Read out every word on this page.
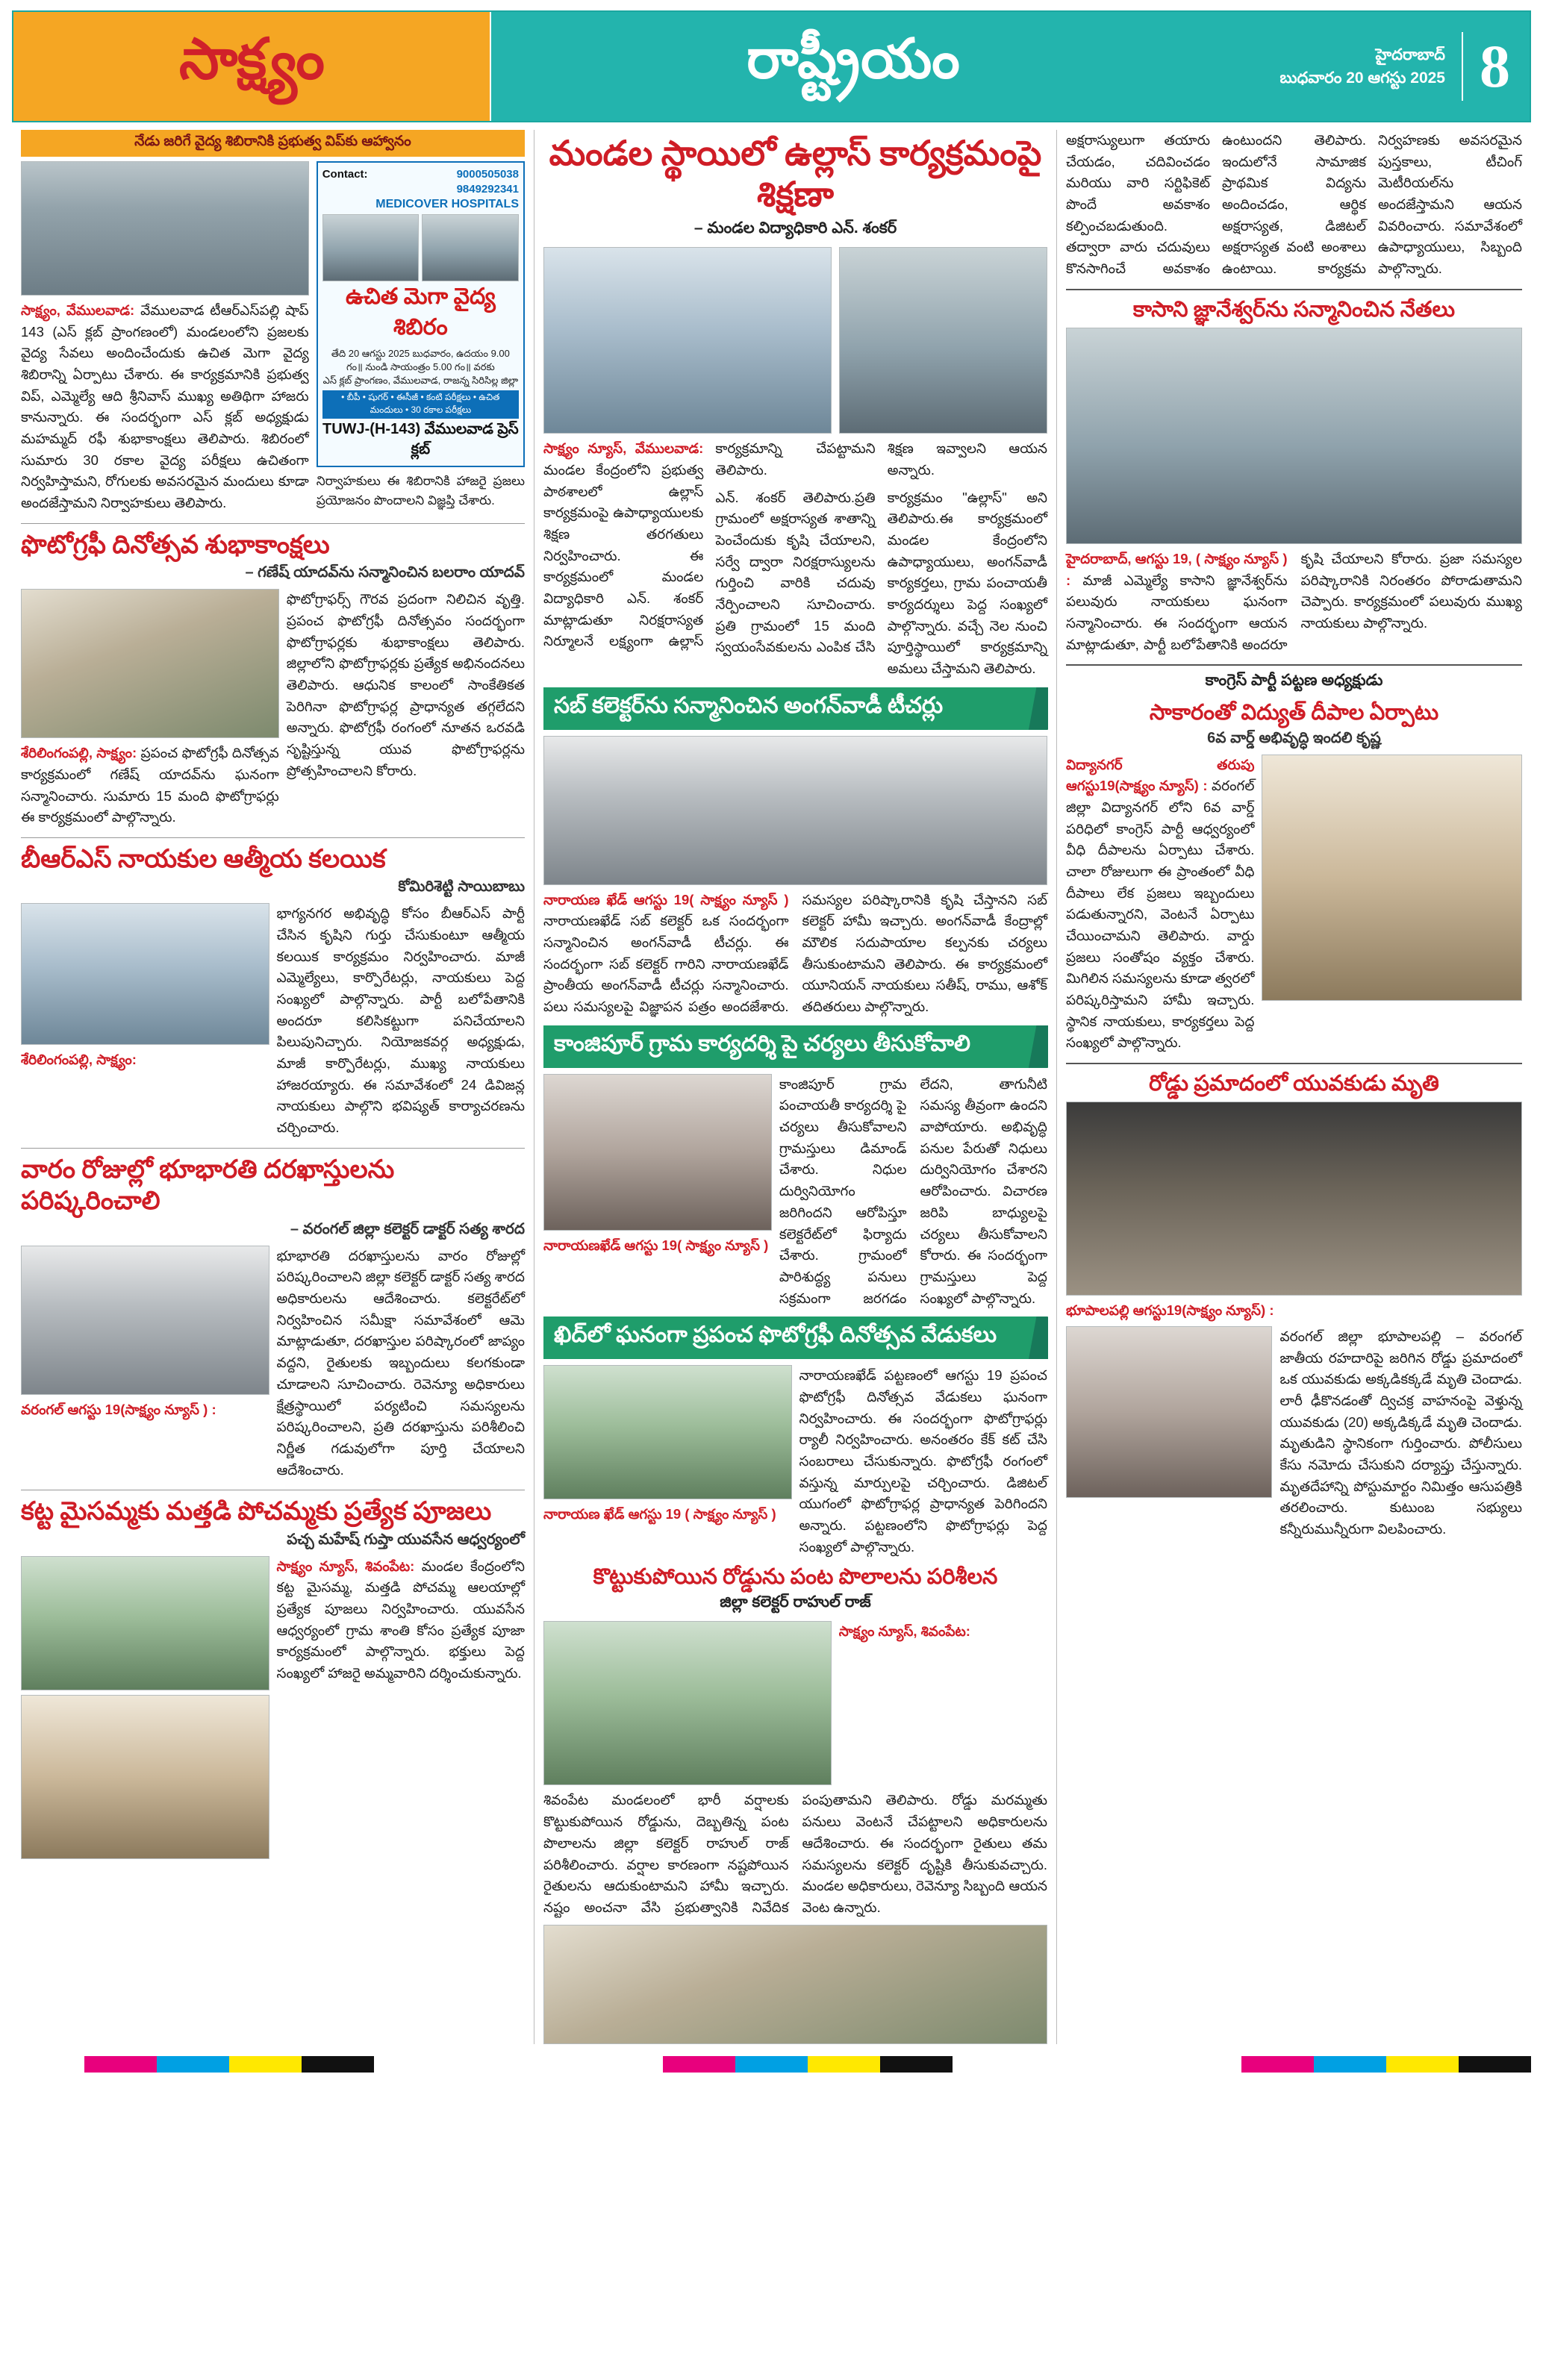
సాక్ష్యం	రాష్ట్రీయం	హైదరాబాద్
బుధవారం 20 ఆగస్టు 2025 8
నేడు జరిగే వైద్య శిబిరానికి ప్రభుత్వ విప్‌కు ఆహ్వానం
సాక్ష్యం, వేములవాడ: వేములవాడ టీఆర్‌ఎస్‌పల్లి షాప్ 143 (ఎస్ క్లబ్ ప్రాంగణంలో) మండలంలోని ప్రజలకు వైద్య సేవలు అందించేందుకు ఉచిత మెగా వైద్య శిబిరాన్ని ఏర్పాటు చేశారు. ఈ కార్యక్రమానికి ప్రభుత్వ విప్, ఎమ్మెల్యే ఆది శ్రీనివాస్ ముఖ్య అతిథిగా హాజరు కానున్నారు. ఈ సందర్భంగా ఎస్ క్లబ్ అధ్యక్షుడు మహమ్మద్ రఫీ శుభాకాంక్షలు తెలిపారు. శిబిరంలో సుమారు 30 రకాల వైద్య పరీక్షలు ఉచితంగా నిర్వహిస్తామని, రోగులకు అవసరమైన మందులు కూడా అందజేస్తామని నిర్వాహకులు తెలిపారు.
Contact:	9000505038
9849292341
MEDICOVER HOSPITALS
ఉచిత మెగా వైద్య శిబిరం
తేది 20 ఆగస్టు 2025 బుధవారం, ఉదయం 9.00 గం॥ నుండి సాయంత్రం 5.00 గం॥ వరకు
ఎస్ క్లబ్ ప్రాంగణం, వేములవాడ, రాజన్న సిరిసిల్ల జిల్లా
• బీపీ • షుగర్ • ఈసీజీ • కంటి పరీక్షలు • ఉచిత మందులు • 30 రకాల పరీక్షలు
TUWJ-(H-143) వేములవాడ ప్రెస్ క్లబ్
నిర్వాహకులు ఈ శిబిరానికి హాజరై ప్రజలు ప్రయోజనం పొందాలని విజ్ఞప్తి చేశారు.
ఫొటోగ్రఫీ దినోత్సవ శుభాకాంక్షలు
– గణేష్ యాదవ్‌ను సన్మానించిన బలరాం యాదవ్
శేరిలింగంపల్లి, సాక్ష్యం: ప్రపంచ ఫొటోగ్రఫీ దినోత్సవ కార్యక్రమంలో గణేష్ యాదవ్‌ను ఘనంగా సన్మానించారు. సుమారు 15 మంది ఫొటోగ్రాఫర్లు ఈ కార్యక్రమంలో పాల్గొన్నారు.
ఫొటోగ్రాఫర్స్ గౌరవ ప్రదంగా నిలిచిన వృత్తి. ప్రపంచ ఫొటోగ్రఫీ దినోత్సవం సందర్భంగా ఫొటోగ్రాఫర్లకు శుభాకాంక్షలు తెలిపారు. జిల్లాలోని ఫొటోగ్రాఫర్లకు ప్రత్యేక అభినందనలు తెలిపారు. ఆధునిక కాలంలో సాంకేతికత పెరిగినా ఫొటోగ్రాఫర్ల ప్రాధాన్యత తగ్గలేదని అన్నారు. ఫొటోగ్రఫీ రంగంలో నూతన ఒరవడి సృష్టిస్తున్న యువ ఫొటోగ్రాఫర్లను ప్రోత్సహించాలని కోరారు.
బీఆర్‌ఎస్ నాయకుల ఆత్మీయ కలయిక
కోమిరిశెట్టి సాయిబాబు
శేరిలింగంపల్లి, సాక్ష్యం:
భాగ్యనగర అభివృద్ధి కోసం బీఆర్‌ఎస్ పార్టీ చేసిన కృషిని గుర్తు చేసుకుంటూ ఆత్మీయ కలయిక కార్యక్రమం నిర్వహించారు. మాజీ ఎమ్మెల్యేలు, కార్పొరేటర్లు, నాయకులు పెద్ద సంఖ్యలో పాల్గొన్నారు. పార్టీ బలోపేతానికి అందరూ కలిసికట్టుగా పనిచేయాలని పిలుపునిచ్చారు. నియోజకవర్గ అధ్యక్షుడు, మాజీ కార్పొరేటర్లు, ముఖ్య నాయకులు హాజరయ్యారు. ఈ సమావేశంలో 24 డివిజన్ల నాయకులు పాల్గొని భవిష్యత్ కార్యాచరణను చర్చించారు.
వారం రోజుల్లో భూభారతి దరఖాస్తులను పరిష్కరించాలి
– వరంగల్ జిల్లా కలెక్టర్ డాక్టర్ సత్య శారద
వరంగల్ ఆగస్టు 19(సాక్ష్యం న్యూస్ ) :
భూభారతి దరఖాస్తులను వారం రోజుల్లో పరిష్కరించాలని జిల్లా కలెక్టర్ డాక్టర్ సత్య శారద అధికారులను ఆదేశించారు. కలెక్టరేట్‌లో నిర్వహించిన సమీక్షా సమావేశంలో ఆమె మాట్లాడుతూ, దరఖాస్తుల పరిష్కారంలో జాప్యం వద్దని, రైతులకు ఇబ్బందులు కలగకుండా చూడాలని సూచించారు. రెవెన్యూ అధికారులు క్షేత్రస్థాయిలో పర్యటించి సమస్యలను పరిష్కరించాలని, ప్రతి దరఖాస్తును పరిశీలించి నిర్ణీత గడువులోగా పూర్తి చేయాలని ఆదేశించారు.
కట్ట మైసమ్మకు మత్తడి పోచమ్మకు ప్రత్యేక పూజలు
పచ్చ మహేష్ గుప్తా యువసేన ఆధ్వర్యంలో
సాక్ష్యం న్యూస్, శివంపేట: మండల కేంద్రంలోని కట్ట మైసమ్మ, మత్తడి పోచమ్మ ఆలయాల్లో ప్రత్యేక పూజలు నిర్వహించారు. యువసేన ఆధ్వర్యంలో గ్రామ శాంతి కోసం ప్రత్యేక పూజా కార్యక్రమంలో పాల్గొన్నారు. భక్తులు పెద్ద సంఖ్యలో హాజరై అమ్మవారిని దర్శించుకున్నారు.
మండల స్థాయిలో ఉల్లాస్ కార్యక్రమంపై శిక్షణా
– మండల విద్యాధికారి ఎన్. శంకర్

సాక్ష్యం న్యూస్, వేములవాడ: మండల కేంద్రంలోని ప్రభుత్వ పాఠశాలలో ఉల్లాస్ కార్యక్రమంపై ఉపాధ్యాయులకు శిక్షణ తరగతులు నిర్వహించారు. ఈ కార్యక్రమంలో మండల విద్యాధికారి ఎన్. శంకర్ మాట్లాడుతూ నిరక్షరాస్యత నిర్మూలనే లక్ష్యంగా ఉల్లాస్ కార్యక్రమాన్ని చేపట్టామని తెలిపారు.

ఎన్. శంకర్ తెలిపారు.ప్రతి గ్రామంలో అక్షరాస్యత శాతాన్ని పెంచేందుకు కృషి చేయాలని, సర్వే ద్వారా నిరక్షరాస్యులను గుర్తించి వారికి చదువు నేర్పించాలని సూచించారు. ప్రతి గ్రామంలో 15 మంది స్వయంసేవకులను ఎంపిక చేసి శిక్షణ ఇవ్వాలని ఆయన అన్నారు.

కార్యక్రమం "ఉల్లాస్" అని తెలిపారు.ఈ కార్యక్రమంలో మండల కేంద్రంలోని ఉపాధ్యాయులు, అంగన్‌వాడీ కార్యకర్తలు, గ్రామ పంచాయతీ కార్యదర్శులు పెద్ద సంఖ్యలో పాల్గొన్నారు. వచ్చే నెల నుంచి పూర్తిస్థాయిలో కార్యక్రమాన్ని అమలు చేస్తామని తెలిపారు.

సబ్ కలెక్టర్‌ను సన్మానించిన అంగన్‌వాడీ టీచర్లు
నారాయణ ఖేడ్ ఆగస్టు 19( సాక్ష్యం న్యూస్ ) నారాయణఖేడ్ సబ్ కలెక్టర్ ఒక సందర్భంగా సన్మానించిన అంగన్‌వాడీ టీచర్లు. ఈ సందర్భంగా సబ్ కలెక్టర్ గారిని నారాయణఖేడ్ ప్రాంతీయ అంగన్‌వాడీ టీచర్లు సన్మానించారు. పలు సమస్యలపై విజ్ఞాపన పత్రం అందజేశారు. సమస్యల పరిష్కారానికి కృషి చేస్తానని సబ్ కలెక్టర్ హామీ ఇచ్చారు. అంగన్‌వాడీ కేంద్రాల్లో మౌలిక సదుపాయాల కల్పనకు చర్యలు తీసుకుంటామని తెలిపారు. ఈ కార్యక్రమంలో యూనియన్ నాయకులు సతీష్, రాము, ఆశోక్ తదితరులు పాల్గొన్నారు.
కాంజిపూర్ గ్రామ కార్యదర్శి పై చర్యలు తీసుకోవాలి
నారాయణఖేడ్ ఆగస్టు 19( సాక్ష్యం న్యూస్ )
కాంజిపూర్ గ్రామ పంచాయతీ కార్యదర్శి పై చర్యలు తీసుకోవాలని గ్రామస్తులు డిమాండ్ చేశారు. నిధుల దుర్వినియోగం జరిగిందని ఆరోపిస్తూ కలెక్టరేట్‌లో ఫిర్యాదు చేశారు. గ్రామంలో పారిశుద్ధ్య పనులు సక్రమంగా జరగడం లేదని, తాగునీటి సమస్య తీవ్రంగా ఉందని వాపోయారు. అభివృద్ధి పనుల పేరుతో నిధులు దుర్వినియోగం చేశారని ఆరోపించారు. విచారణ జరిపి బాధ్యులపై చర్యలు తీసుకోవాలని కోరారు. ఈ సందర్భంగా గ్రామస్తులు పెద్ద సంఖ్యలో పాల్గొన్నారు.
ఖిద్‌లో ఘనంగా ప్రపంచ ఫొటోగ్రఫీ దినోత్సవ వేడుకలు
నారాయణ ఖేడ్ ఆగస్టు 19 ( సాక్ష్యం న్యూస్ )
నారాయణఖేడ్ పట్టణంలో ఆగస్టు 19 ప్రపంచ ఫొటోగ్రఫీ దినోత్సవ వేడుకలు ఘనంగా నిర్వహించారు. ఈ సందర్భంగా ఫొటోగ్రాఫర్లు ర్యాలీ నిర్వహించారు. అనంతరం కేక్ కట్ చేసి సంబరాలు చేసుకున్నారు. ఫొటోగ్రఫీ రంగంలో వస్తున్న మార్పులపై చర్చించారు. డిజిటల్ యుగంలో ఫొటోగ్రాఫర్ల ప్రాధాన్యత పెరిగిందని అన్నారు. పట్టణంలోని ఫొటోగ్రాఫర్లు పెద్ద సంఖ్యలో పాల్గొన్నారు.
కొట్టుకుపోయిన రోడ్డును పంట పొలాలను పరిశీలన
జిల్లా కలెక్టర్ రాహుల్ రాజ్
సాక్ష్యం న్యూస్, శివంపేట:
శివంపేట మండలంలో భారీ వర్షాలకు కొట్టుకుపోయిన రోడ్డును, దెబ్బతిన్న పంట పొలాలను జిల్లా కలెక్టర్ రాహుల్ రాజ్ పరిశీలించారు. వర్షాల కారణంగా నష్టపోయిన రైతులను ఆదుకుంటామని హామీ ఇచ్చారు. నష్టం అంచనా వేసి ప్రభుత్వానికి నివేదిక పంపుతామని తెలిపారు. రోడ్డు మరమ్మతు పనులు వెంటనే చేపట్టాలని అధికారులను ఆదేశించారు. ఈ సందర్భంగా రైతులు తమ సమస్యలను కలెక్టర్ దృష్టికి తీసుకువచ్చారు. మండల అధికారులు, రెవెన్యూ సిబ్బంది ఆయన వెంట ఉన్నారు.
అక్షరాస్యులుగా తయారు చేయడం, చదివించడం మరియు వారి సర్టిఫికెట్ పొందే అవకాశం కల్పించబడుతుంది. తద్వారా వారు చదువులు కొనసాగించే అవకాశం ఉంటుందని తెలిపారు. ఇందులోనే సామాజిక ప్రాథమిక విద్యను అందించడం, ఆర్థిక అక్షరాస్యత, డిజిటల్ అక్షరాస్యత వంటి అంశాలు ఉంటాయి. కార్యక్రమ నిర్వహణకు అవసరమైన పుస్తకాలు, టీచింగ్ మెటీరియల్‌ను అందజేస్తామని ఆయన వివరించారు. సమావేశంలో ఉపాధ్యాయులు, సిబ్బంది పాల్గొన్నారు.
కాసాని జ్ఞానేశ్వర్‌ను సన్మానించిన నేతలు
హైదరాబాద్, ఆగస్టు 19, ( సాక్ష్యం న్యూస్ ) : మాజీ ఎమ్మెల్యే కాసాని జ్ఞానేశ్వర్‌ను పలువురు నాయకులు ఘనంగా సన్మానించారు. ఈ సందర్భంగా ఆయన మాట్లాడుతూ, పార్టీ బలోపేతానికి అందరూ కృషి చేయాలని కోరారు. ప్రజా సమస్యల పరిష్కారానికి నిరంతరం పోరాడుతామని చెప్పారు. కార్యక్రమంలో పలువురు ముఖ్య నాయకులు పాల్గొన్నారు.
కాంగ్రెస్ పార్టీ పట్టణ అధ్యక్షుడు
సాకారంతో విద్యుత్ దీపాల ఏర్పాటు
6వ వార్డ్ అభివృద్ధి ఇందలి కృష్ణ
విద్యానగర్ తరుపు ఆగస్టు19(సాక్ష్యం న్యూస్) : వరంగల్ జిల్లా విద్యానగర్ లోని 6వ వార్డ్ పరిధిలో కాంగ్రెస్ పార్టీ ఆధ్వర్యంలో వీధి దీపాలను ఏర్పాటు చేశారు. చాలా రోజులుగా ఈ ప్రాంతంలో వీధి దీపాలు లేక ప్రజలు ఇబ్బందులు పడుతున్నారని, వెంటనే ఏర్పాటు చేయించామని తెలిపారు. వార్డు ప్రజలు సంతోషం వ్యక్తం చేశారు. మిగిలిన సమస్యలను కూడా త్వరలో పరిష్కరిస్తామని హామీ ఇచ్చారు. స్థానిక నాయకులు, కార్యకర్తలు పెద్ద సంఖ్యలో పాల్గొన్నారు.
రోడ్డు ప్రమాదంలో యువకుడు మృతి
భూపాలపల్లి ఆగస్టు19(సాక్ష్యం న్యూస్) :
వరంగల్ జిల్లా భూపాలపల్లి – వరంగల్ జాతీయ రహదారిపై జరిగిన రోడ్డు ప్రమాదంలో ఒక యువకుడు అక్కడికక్కడే మృతి చెందాడు. లారీ ఢీకొనడంతో ద్విచక్ర వాహనంపై వెళ్తున్న యువకుడు (20) అక్కడిక్కడే మృతి చెందాడు. మృతుడిని స్థానికంగా గుర్తించారు. పోలీసులు కేసు నమోదు చేసుకుని దర్యాప్తు చేస్తున్నారు. మృతదేహాన్ని పోస్టుమార్టం నిమిత్తం ఆసుపత్రికి తరలించారు. కుటుంబ సభ్యులు కన్నీరుమున్నీరుగా విలపించారు.
